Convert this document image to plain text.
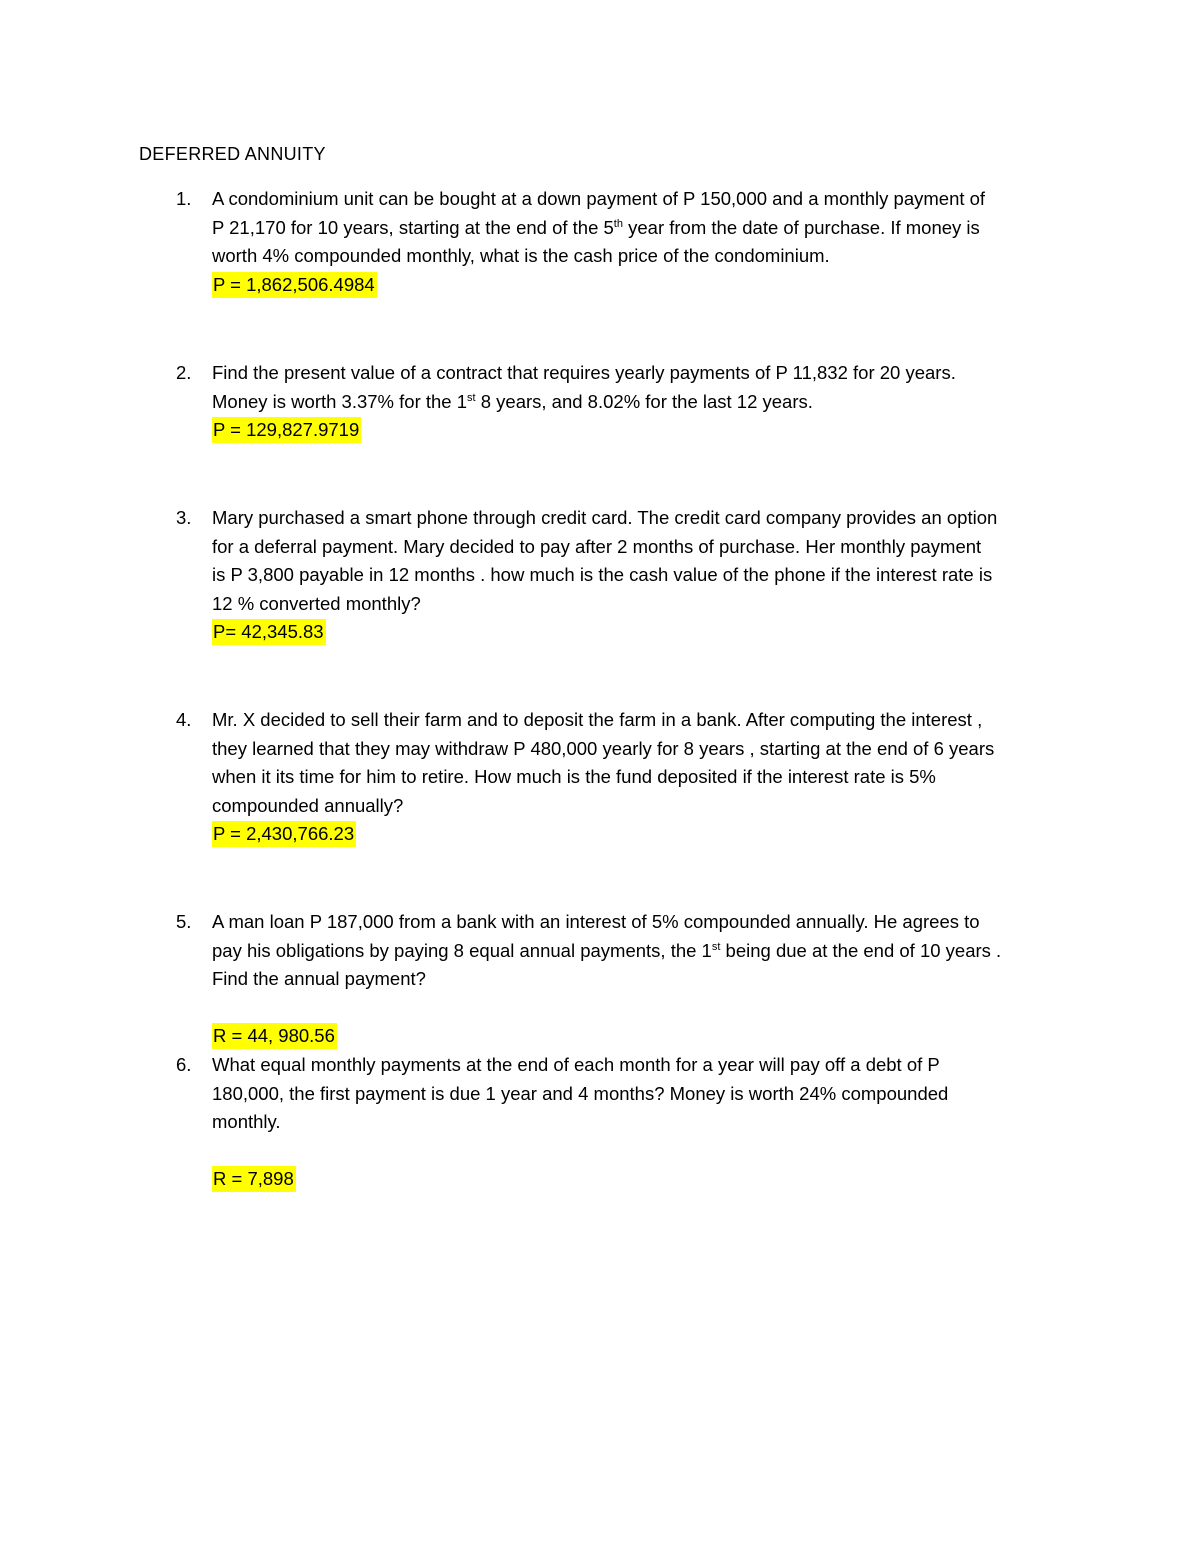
DEFERRED ANNUITY
1.	A condominium unit can be bought at a down payment of P 150,000 and a monthly payment of
P 21,170 for 10 years, starting at the end of the 5th year from the date of purchase. If money is
worth 4% compounded monthly, what is the cash price of the condominium.
P = 1,862,506.4984
2.	Find the present value of a contract that requires yearly payments of P 11,832 for 20 years.
Money is worth 3.37% for the 1st 8 years, and 8.02% for the last 12 years.
P = 129,827.9719
3.	Mary purchased a smart phone through credit card. The credit card company provides an option
for a deferral payment. Mary decided to pay after 2 months of purchase. Her monthly payment
is P 3,800 payable in 12 months . how much is the cash value of the phone if the interest rate is
12 % converted monthly?
P= 42,345.83
4.	Mr. X decided to sell their farm and to deposit the farm in a bank. After computing the interest ,
they learned that they may withdraw P 480,000 yearly for 8 years , starting at the end of 6 years
when it its time for him to retire. How much is the fund deposited if the interest rate is 5%
compounded annually?
P = 2,430,766.23
5.	A man loan P 187,000 from a bank with an interest of 5% compounded annually. He agrees to
pay his obligations by paying 8 equal annual payments, the 1st being due at the end of 10 years .
Find the annual payment?
R = 44, 980.56
6.	What equal monthly payments at the end of each month for a year will pay off a debt of P
180,000, the first payment is due 1 year and 4 months? Money is worth 24% compounded
monthly.
R = 7,898
